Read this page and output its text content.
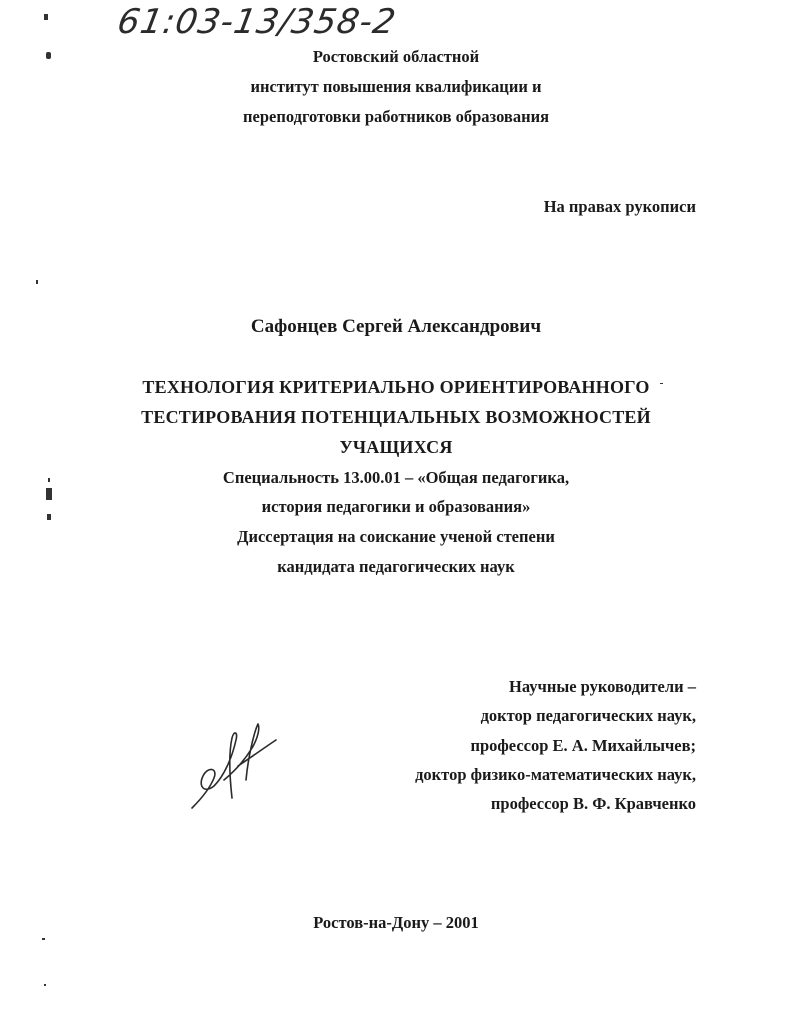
61:03-13/358-2
Ростовский областной
институт повышения квалификации и
переподготовки работников образования
На правах рукописи
Сафонцев Сергей Александрович
ТЕХНОЛОГИЯ КРИТЕРИАЛЬНО ОРИЕНТИРОВАННОГО
ТЕСТИРОВАНИЯ ПОТЕНЦИАЛЬНЫХ ВОЗМОЖНОСТЕЙ
УЧАЩИХСЯ
Специальность 13.00.01 – «Общая педагогика,
история педагогики и образования»
Диссертация на соискание ученой степени
кандидата педагогических наук
Научные руководители –
доктор педагогических наук,
профессор Е. А. Михайлычев;
доктор физико-математических наук,
профессор В. Ф. Кравченко
Ростов-на-Дону – 2001
